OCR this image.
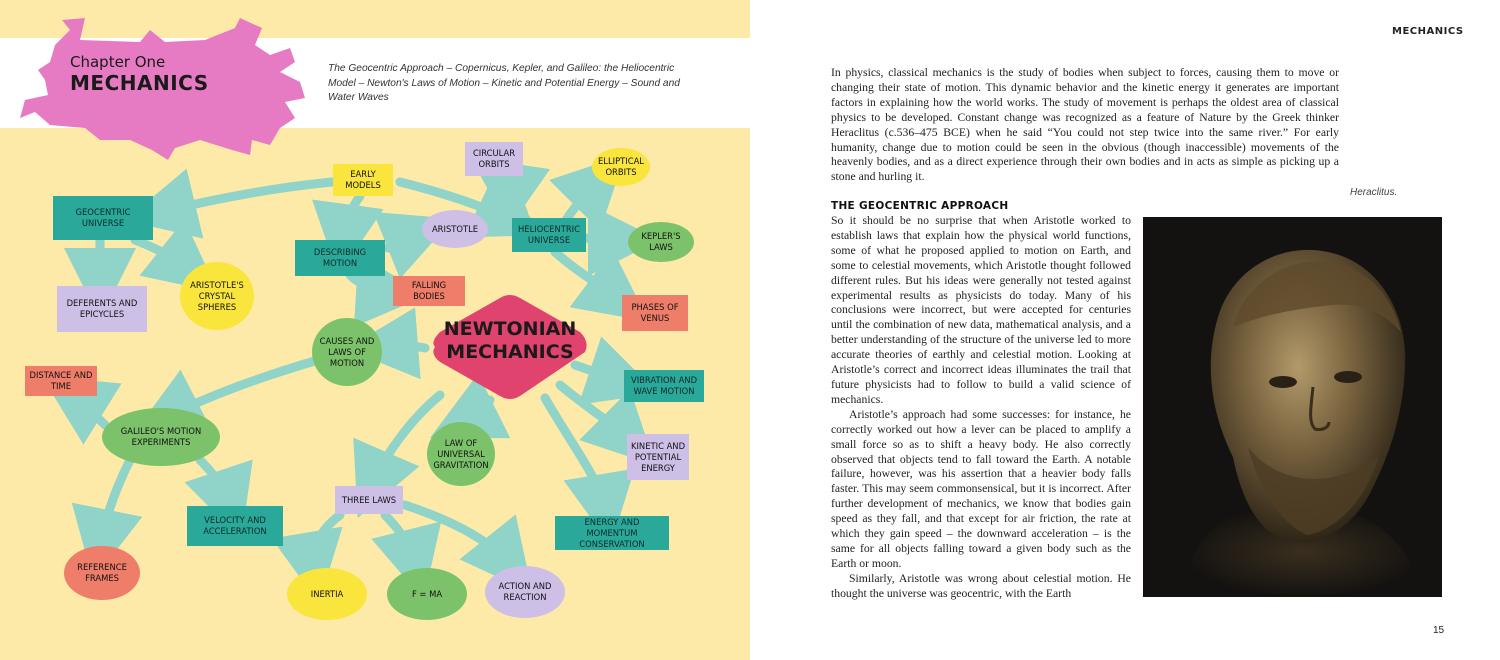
Chapter One
MECHANICS
The Geocentric Approach – Copernicus, Kepler, and Galileo: the Heliocentric Model – Newton's Laws of Motion – Kinetic and Potential Energy – Sound and Water Waves
EARLY MODELS
GEOCENTRIC UNIVERSE
DESCRIBING MOTION
ARISTOTLE
CIRCULAR ORBITS	ELLIPTICAL ORBITS
HELIOCENTRIC UNIVERSE	KEPLER'S LAWS
DEFERENTS AND EPICYCLES
ARISTOTLE'S CRYSTAL SPHERES
FALLING BODIES
PHASES OF VENUS
NEWTONIAN MECHANICS
CAUSES AND LAWS OF MOTION
DISTANCE AND TIME
VIBRATION AND WAVE MOTION
GALILEO'S MOTION EXPERIMENTS	LAW OF UNIVERSAL GRAVITATION
KINETIC AND POTENTIAL ENERGY
THREE LAWS
VELOCITY AND ACCELERATION
ENERGY AND MOMENTUM CONSERVATION
REFERENCE FRAMES
INERTIA	F = MA
ACTION AND REACTION
MECHANICS

In physics, classical mechanics is the study of bodies when subject to forces, causing them to move or changing their state of motion. This dynamic behavior and the kinetic energy it generates are important factors in explaining how the world works. The study of movement is perhaps the oldest area of classical physics to be developed. Constant change was recognized as a feature of Nature by the Greek thinker Heraclitus (c.536–475 BCE) when he said “You could not step twice into the same river.” For early humanity, change due to motion could be seen in the obvious (though inaccessible) movements of the heavenly bodies, and as a direct experience through their own bodies and in acts as simple as picking up a stone and hurling it.

Heraclitus.
THE GEOCENTRIC APPROACH

So it should be no surprise that when Aristotle worked to establish laws that explain how the physical world functions, some of what he proposed applied to motion on Earth, and some to celestial movements, which Aristotle thought followed different rules. But his ideas were generally not tested against experimental results as physicists do today. Many of his conclusions were incorrect, but were accepted for centuries until the combination of new data, mathematical analysis, and a better understanding of the structure of the universe led to more accurate theories of earthly and celestial motion. Looking at Aristotle’s correct and incorrect ideas illuminates the trail that future physicists had to follow to build a valid science of mechanics.

Aristotle’s approach had some successes: for instance, he correctly worked out how a lever can be placed to amplify a small force so as to shift a heavy body. He also correctly observed that objects tend to fall toward the Earth. A notable failure, however, was his assertion that a heavier body falls faster. This may seem commonsensical, but it is incorrect. After further development of mechanics, we know that bodies gain speed as they fall, and that except for air friction, the rate at which they gain speed – the downward acceleration – is the same for all objects falling toward a given body such as the Earth or moon.

Similarly, Aristotle was wrong about celestial motion. He thought the universe was geocentric, with the Earth

15
